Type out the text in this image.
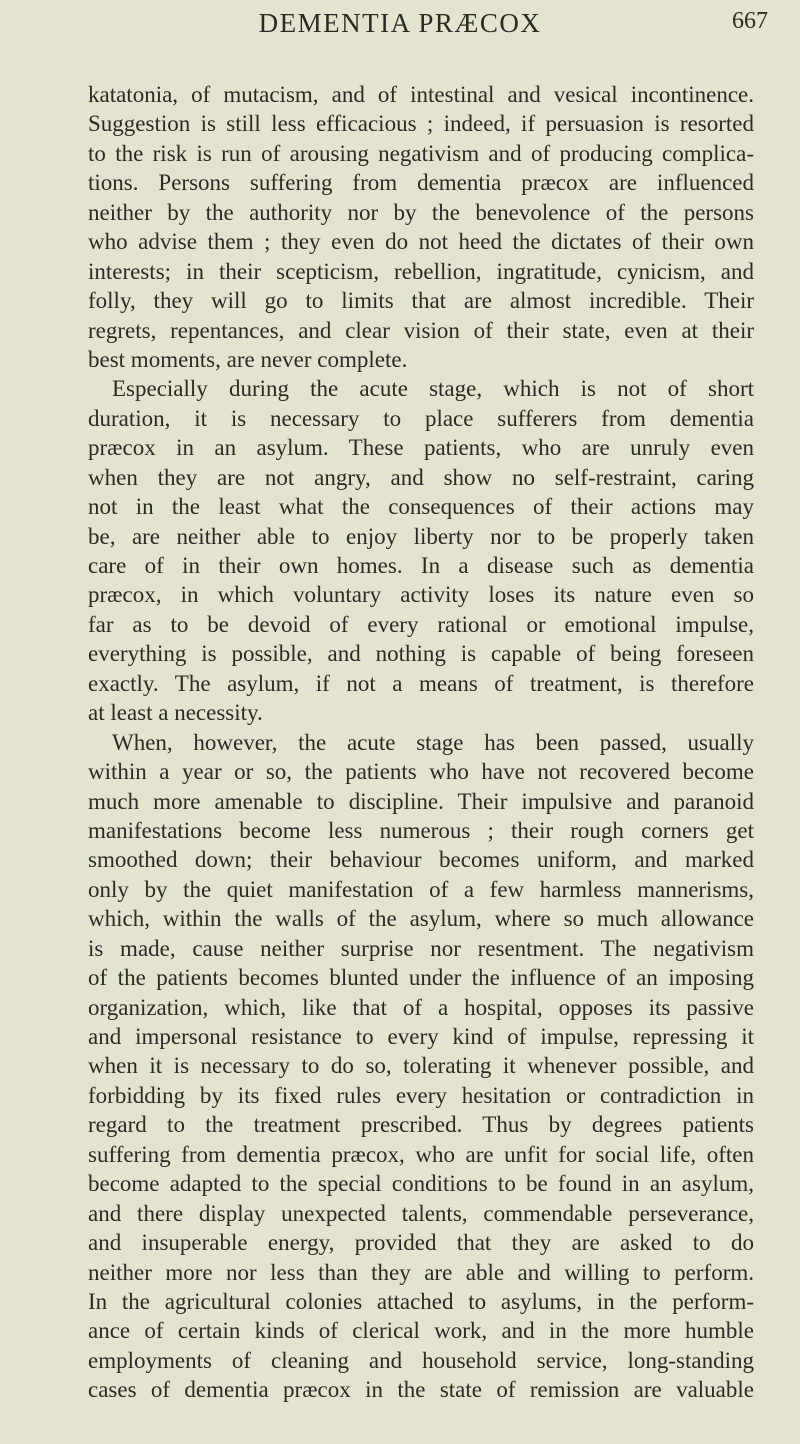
DEMENTIA PRÆCOX	667
katatonia, of mutacism, and of intestinal and vesical incontinence.
Suggestion is still less efficacious ; indeed, if persuasion is resorted
to the risk is run of arousing negativism and of producing complica-
tions. Persons suffering from dementia præcox are influenced
neither by the authority nor by the benevolence of the persons
who advise them ; they even do not heed the dictates of their own
interests; in their scepticism, rebellion, ingratitude, cynicism, and
folly, they will go to limits that are almost incredible. Their
regrets, repentances, and clear vision of their state, even at their
best moments, are never complete.
Especially during the acute stage, which is not of short
duration, it is necessary to place sufferers from dementia
præcox in an asylum. These patients, who are unruly even
when they are not angry, and show no self-restraint, caring
not in the least what the consequences of their actions may
be, are neither able to enjoy liberty nor to be properly taken
care of in their own homes. In a disease such as dementia
præcox, in which voluntary activity loses its nature even so
far as to be devoid of every rational or emotional impulse,
everything is possible, and nothing is capable of being foreseen
exactly. The asylum, if not a means of treatment, is therefore
at least a necessity.
When, however, the acute stage has been passed, usually
within a year or so, the patients who have not recovered become
much more amenable to discipline. Their impulsive and paranoid
manifestations become less numerous ; their rough corners get
smoothed down; their behaviour becomes uniform, and marked
only by the quiet manifestation of a few harmless mannerisms,
which, within the walls of the asylum, where so much allowance
is made, cause neither surprise nor resentment. The negativism
of the patients becomes blunted under the influence of an imposing
organization, which, like that of a hospital, opposes its passive
and impersonal resistance to every kind of impulse, repressing it
when it is necessary to do so, tolerating it whenever possible, and
forbidding by its fixed rules every hesitation or contradiction in
regard to the treatment prescribed. Thus by degrees patients
suffering from dementia præcox, who are unfit for social life, often
become adapted to the special conditions to be found in an asylum,
and there display unexpected talents, commendable perseverance,
and insuperable energy, provided that they are asked to do
neither more nor less than they are able and willing to perform.
In the agricultural colonies attached to asylums, in the perform-
ance of certain kinds of clerical work, and in the more humble
employments of cleaning and household service, long-standing
cases of dementia præcox in the state of remission are valuable
